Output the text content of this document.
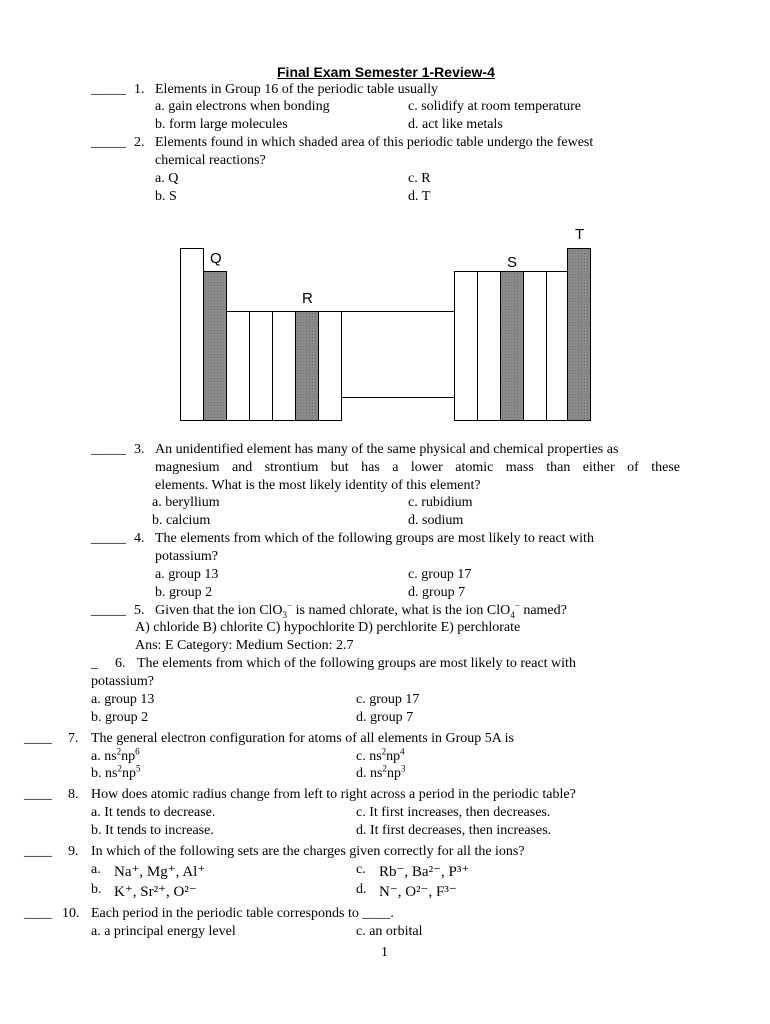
Final Exam Semester 1-Review-4
_____ 1. Elements in Group 16 of the periodic table usually
a. gain electrons when bonding	c. solidify at room temperature
b. form large molecules	d. act like metals
_____ 2. Elements found in which shaded area of this periodic table undergo the fewest
chemical reactions?
a. Q	c. R
b. S	d. T
Q
R
S
T
_____ 3. An unidentified element has many of the same physical and chemical properties as
magnesium and strontium but has a lower atomic mass than either of these
elements. What is the most likely identity of this element?
a. beryllium	c. rubidium
b. calcium	d. sodium
_____ 4. The elements from which of the following groups are most likely to react with
potassium?
a. group 13	c. group 17
b. group 2	d. group 7
_____ 5. Given that the ion ClO$_3$− is named chlorate, what is the ion ClO$_4$− named?
A) chloride B) chlorite C) hypochlorite D) perchlorite E) perchlorate
Ans: E Category: Medium Section: 2.7
_ 6. The elements from which of the following groups are most likely to react with
potassium?
a. group 13	c. group 17
b. group 2	d. group 7
____ 7. The general electron configuration for atoms of all elements in Group 5A is
a. $ns^2np^6$	c. $ns^2np^4$
b. $ns^2np^5$	d. $ns^2np^3$
____ 8. How does atomic radius change from left to right across a period in the periodic table?
a. It tends to decrease.	c. It first increases, then decreases.
b. It tends to increase.	d. It first decreases, then increases.
____ 9. In which of the following sets are the charges given correctly for all the ions?
a. Na⁺, Mg⁺, Al⁺	c. Rb⁻, Ba²⁻, P³⁺
b. K⁺, Sr²⁺, O²⁻	d. N⁻, O²⁻, F³⁻
____ 10. Each period in the periodic table corresponds to ____.
a. a principal energy level	c. an orbital
1
